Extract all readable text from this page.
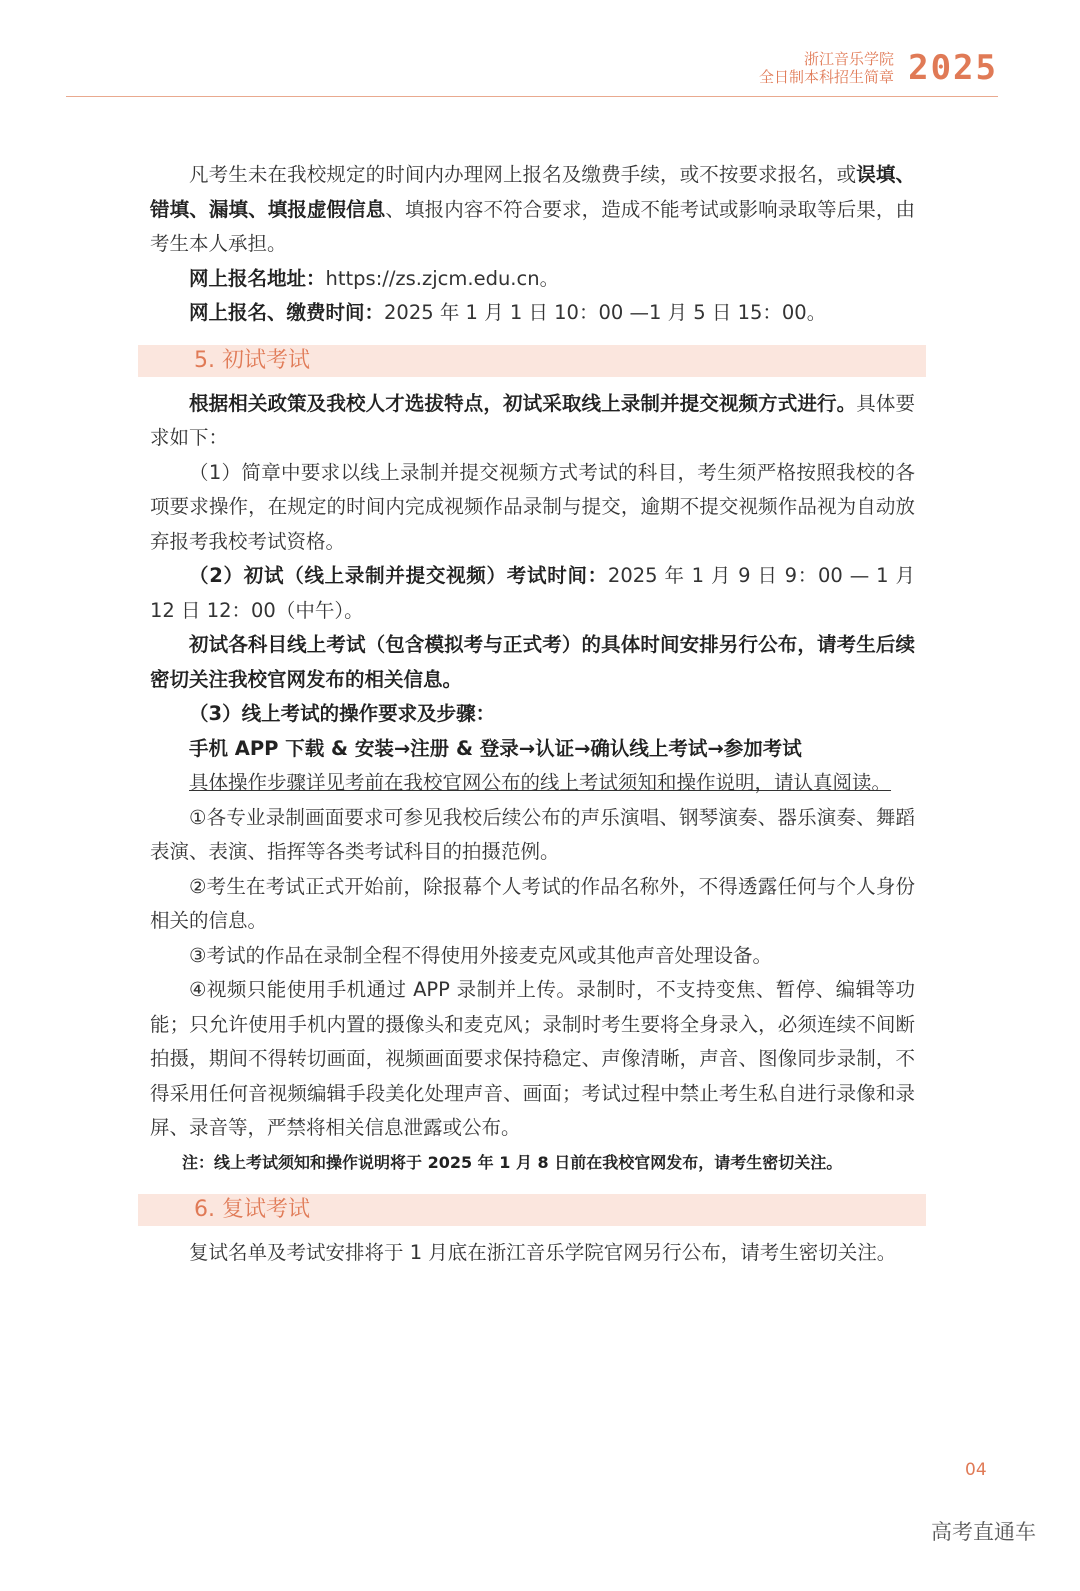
浙江音乐学院
全日制本科招生简章 2025

凡考生未在我校规定的时间内办理网上报名及缴费手续，或不按要求报名，或误填、错填、漏填、填报虚假信息、填报内容不符合要求，造成不能考试或影响录取等后果，由考生本人承担。

网上报名地址：https://zs.zjcm.edu.cn。

网上报名、缴费时间：2025 年 1 月 1 日 10：00 —1 月 5 日 15：00。

5. 初试考试

根据相关政策及我校人才选拔特点，初试采取线上录制并提交视频方式进行。具体要求如下：

（1）简章中要求以线上录制并提交视频方式考试的科目，考生须严格按照我校的各项要求操作，在规定的时间内完成视频作品录制与提交，逾期不提交视频作品视为自动放弃报考我校考试资格。

（2）初试（线上录制并提交视频）考试时间：2025 年 1 月 9 日 9：00 — 1 月 12 日 12：00（中午）。

初试各科目线上考试（包含模拟考与正式考）的具体时间安排另行公布，请考生后续密切关注我校官网发布的相关信息。

（3）线上考试的操作要求及步骤：

手机 APP 下载 & 安装→注册 & 登录→认证→确认线上考试→参加考试

具体操作步骤详见考前在我校官网公布的线上考试须知和操作说明，请认真阅读。

①各专业录制画面要求可参见我校后续公布的声乐演唱、钢琴演奏、器乐演奏、舞蹈表演、表演、指挥等各类考试科目的拍摄范例。

②考生在考试正式开始前，除报幕个人考试的作品名称外，不得透露任何与个人身份相关的信息。

③考试的作品在录制全程不得使用外接麦克风或其他声音处理设备。

④视频只能使用手机通过 APP 录制并上传。录制时，不支持变焦、暂停、编辑等功能；只允许使用手机内置的摄像头和麦克风；录制时考生要将全身录入，必须连续不间断拍摄，期间不得转切画面，视频画面要求保持稳定、声像清晰，声音、图像同步录制，不得采用任何音视频编辑手段美化处理声音、画面；考试过程中禁止考生私自进行录像和录屏、录音等，严禁将相关信息泄露或公布。

注：线上考试须知和操作说明将于 2025 年 1 月 8 日前在我校官网发布，请考生密切关注。

6. 复试考试

复试名单及考试安排将于 1 月底在浙江音乐学院官网另行公布，请考生密切关注。

04
高考直通车
